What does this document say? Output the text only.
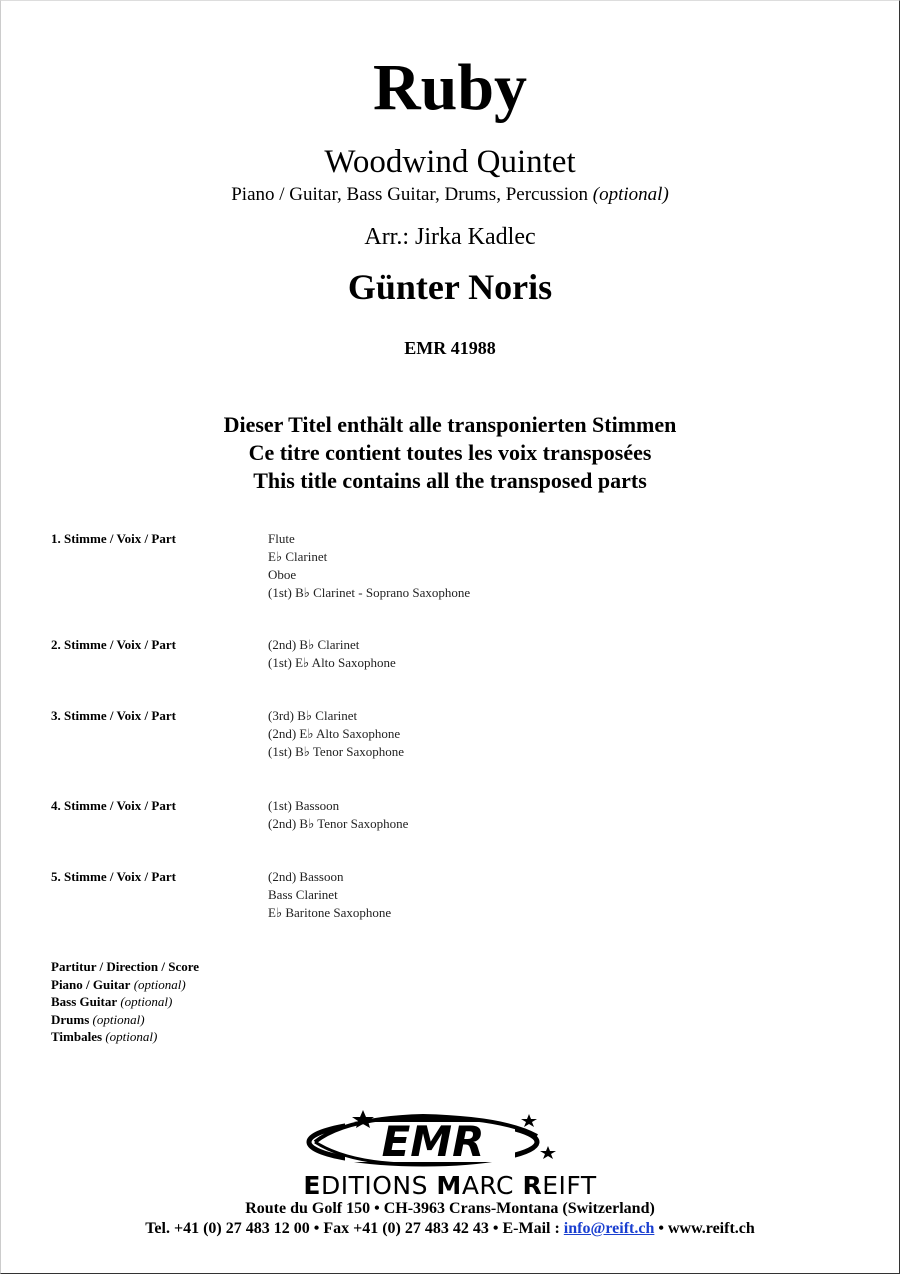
Ruby
Woodwind Quintet
Piano / Guitar, Bass Guitar, Drums, Percussion (optional)
Arr.: Jirka Kadlec
Günter Noris
EMR 41988
Dieser Titel enthält alle transponierten Stimmen
Ce titre contient toutes les voix transposées
This title contains all the transposed parts
1. Stimme / Voix / Part	Flute
E♭ Clarinet
Oboe
(1st) B♭ Clarinet - Soprano Saxophone
2. Stimme / Voix / Part	(2nd) B♭ Clarinet
(1st) E♭ Alto Saxophone
3. Stimme / Voix / Part	(3rd) B♭ Clarinet
(2nd) E♭ Alto Saxophone
(1st) B♭ Tenor Saxophone
4. Stimme / Voix / Part	(1st) Bassoon
(2nd) B♭ Tenor Saxophone
5. Stimme / Voix / Part	(2nd) Bassoon
Bass Clarinet
E♭ Baritone Saxophone
Partitur / Direction / Score
Piano / Guitar (optional)
Bass Guitar (optional)
Drums (optional)
Timbales (optional)
EMR
EDITIONS MARC REIFT
Route du Golf 150 • CH-3963 Crans-Montana (Switzerland)
Tel. +41 (0) 27 483 12 00 • Fax +41 (0) 27 483 42 43 • E-Mail : info@reift.ch • www.reift.ch
